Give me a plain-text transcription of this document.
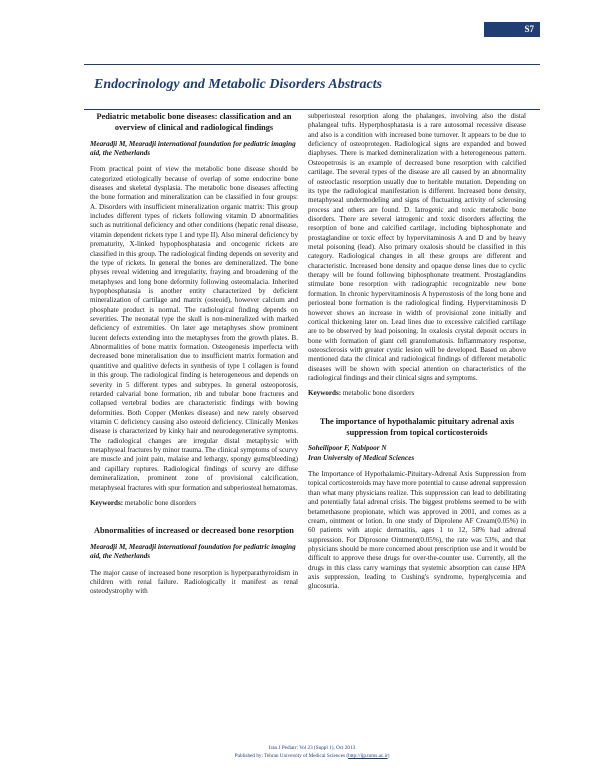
S7
Endocrinology and Metabolic Disorders Abstracts
Pediatric metabolic bone diseases: classification and an overview of clinical and radiological findings
Mearadji M, Mearadji international foundation for pediatric imaging aid, the Netherlands

From practical point of view the metabolic bone disease should be categorized etiologically because of overlap of some endocrine bone diseases and skeletal dysplasia. The metabolic bone diseases affecting the bone formation and mineralization can be classified in four groups: A. Disorders with insufficient mineralization organic matrix: This group includes different types of rickets following vitamin D abnormalities such as nutritional deficiency and other conditions (hepatic renal disease, vitamin dependent rickets type 1 and type II). Also mineral deficiency by prematurity, X-linked hypophosphatasia and oncogenic rickets are classified in this group. The radiological finding depends on severity and the type of rickets. In general the bones are demineralized. The bone physes reveal widening and irregularity, fraying and broadening of the metaphyses and long bone deformity following osteomalacia. Inherited hypophosphatasia is another entity characterized by deficient mineralization of cartilage and matrix (osteoid), however calcium and phosphate product is normal. The radiological finding depends on severities. The neonatal type the skull is non-mineralized with marked deficiency of extremities. On later age metaphyses show prominent lucent defects extending into the metaphyses from the growth plates. B. Abnormalities of bone matrix formation. Osteogenesis imperfecta with decreased bone mineralisation due to insufficient matrix formation and quantitive and qualitive defects in synthesis of type 1 collagen is found in this group. The radiological finding is heterogeneous and depends on severity in 5 different types and subtypes. In general osteoporosis, retarded calvarial bone formation, rib and tubular bone fractures and collapsed vertebral bodies are characteristic findings with bowing deformities. Both Copper (Menkes disease) and new rarely observed vitamin C deficiency causing also osteoid deficiency. Clinically Menkes disease is characterized by kinky hair and neurodegenerative symptoms. The radiological changes are irregular distal metaphysic with metaphyseal fractures by minor trauma. The clinical symptoms of scurvy are muscle and joint pain, malaise and lethargy, spongy gums(bleeding) and capillary ruptures. Radiological findings of scurvy are diffuse demineralization, prominent zone of provisional calcification, metaphyseal fractures with spur formation and subperiosteal hematomas.

Keywords: metabolic bone disorders
Abnormalities of increased or decreased bone resorption
Mearadji M, Mearadji international foundation for pediatric imaging aid, the Netherlands

The major cause of increased bone resorption is hyperparathyroidism in children with renal failure. Radiologically it manifest as renal osteodystrophy with

subperiosteal resorption along the phalanges, involving also the distal phalangeal tufts. Hyperphosphatasia is a rare autosomal recessive disease and also is a condition with increased bone turnover. It appears to be due to deficiency of osteoprotegen. Radiological signs are expanded and bowed diaphyses. There is marked demineralization with a heterogeneous pattern. Osteopetrosis is an example of decreased bone resorption with calcified cartilage. The several types of the disease are all caused by an abnormality of osteoclastic resorption usually due to heritable mutation. Depending on its type the radiological manifestation is different. Increased bone density, metaphyseal undermodeling and signs of fluctuating activity of sclerosing process and others are found. D. Iatrogenic and toxic metabolic bone disorders. There are several iatrogenic and toxic disorders affecting the resorption of bone and calcified cartilage, including biphosphonate and prostaglandine or toxic effect by hypervitaminosis A and D and by heavy metal poisoning (lead). Also primary oxalosis should be classified in this category. Radiological changes in all these groups are different and characteristic. Increased bone density and opaque dense lines due to cyclic therapy will be found following biphosphonate treatment. Prostaglandins stimulate bone resorption with radiographic recognizable new bone formation. In chronic hypervitaminosis A hyperostosis of the long bone and periosteal bone formation is the radiological finding. Hypervitaminosis D however shows an increase in width of provisional zone initially and cortical thickening later on. Lead lines due to excessive calcified cartilage are to be observed by lead poisoning. In oxalosis crystal deposit occurs in bone with formation of giant cell granulomatosis. Inflammatory response, osteosclerosis with greater cystic lesion will be developed. Based on above mentioned data the clinical and radiological findings of different metabolic diseases will be shown with special attention on characteristics of the radiological findings and their clinical signs and symptoms.

Keywords: metabolic bone disorders
The importance of hypothalamic pituitary adrenal axis suppression from topical corticosteroids
Soheilipoor F, Nabipoor N
Iran University of Medical Sciences

The Importance of Hypothalamic-Pituitary-Adrenal Axis Suppression from topical corticosteroids may have more potential to cause adrenal suppression than what many physicians realize. This suppression can lead to debilitating and potentially fatal adrenal crisis. The biggest problems seemed to be with betamethasone propionate, which was approved in 2001, and comes as a cream, ointment or lotion. In one study of Diprolene AF Cream(0.05%) in 60 patients with atopic dermatitis, ages 1 to 12, 58% had adrenal suppression. For Diprosone Ointment(0.05%), the rate was 53%, and that physicians should be more concerned about prescription use and it would be difficult to approve these drugs for over-the-counter use. Currently, all the drugs in this class carry warnings that systemic absorption can cause HPA axis suppression, leading to Cushing's syndrome, hyperglycemia and glucosuria.

Iran J Pediatr; Vol 23 (Suppl 1), Oct 2013
Published by: Tehran University of Medical Sciences (http://ijp.tums.ac.ir)
